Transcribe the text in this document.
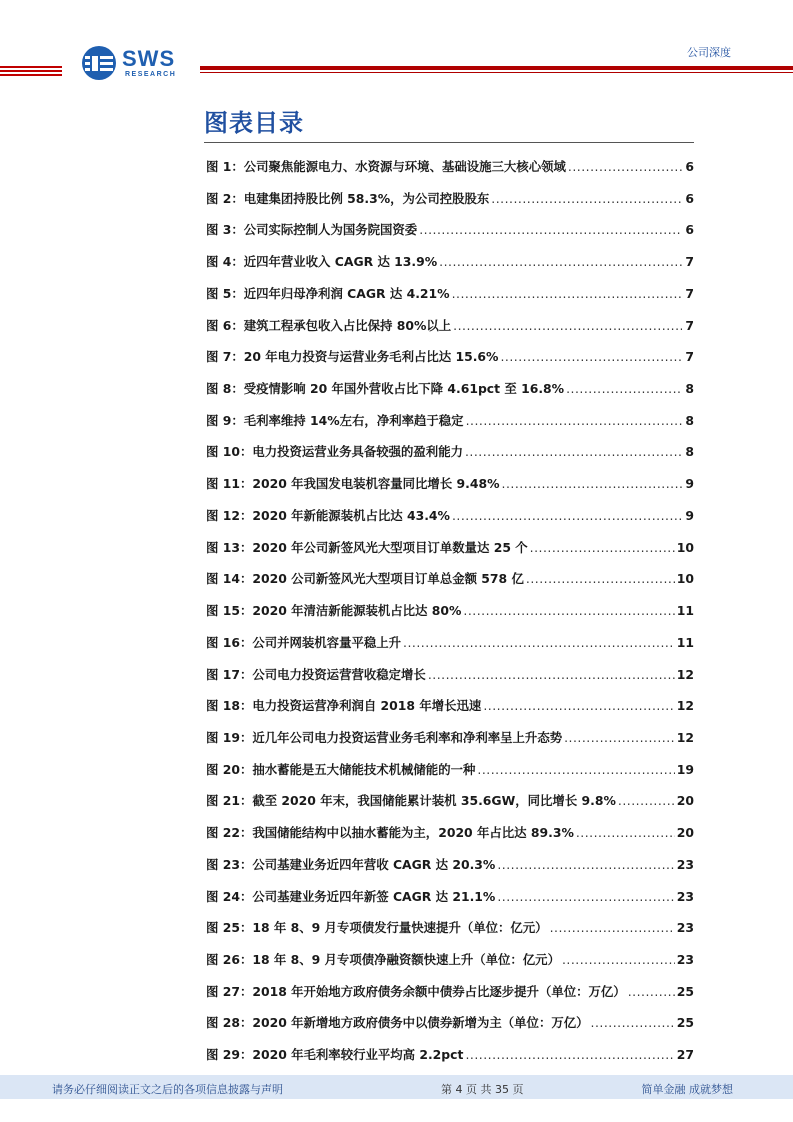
SWS
RESEARCH
公司深度
图表目录
图 1：公司聚焦能源电力、水资源与环境、基础设施三大核心领域 .....	6
图 2：电建集团持股比例 58.3%，为公司控股股东 .....	6
图 3：公司实际控制人为国务院国资委 .....	6
图 4：近四年营业收入 CAGR 达 13.9% .....	7
图 5：近四年归母净利润 CAGR 达 4.21% .....	7
图 6：建筑工程承包收入占比保持 80%以上 .....	7
图 7：20 年电力投资与运营业务毛利占比达 15.6% .....	7
图 8：受疫情影响 20 年国外营收占比下降 4.61pct 至 16.8% .....	8
图 9：毛利率维持 14%左右，净利率趋于稳定 .....	8
图 10：电力投资运营业务具备较强的盈利能力 .....	8
图 11：2020 年我国发电装机容量同比增长 9.48% .....	9
图 12：2020 年新能源装机占比达 43.4% .....	9
图 13：2020 年公司新签风光大型项目订单数量达 25 个 .....	10
图 14：2020 公司新签风光大型项目订单总金额 578 亿 .....	10
图 15：2020 年清洁新能源装机占比达 80% .....	11
图 16：公司并网装机容量平稳上升 .....	11
图 17：公司电力投资运营营收稳定增长 .....	12
图 18：电力投资运营净利润自 2018 年增长迅速 .....	12
图 19：近几年公司电力投资运营业务毛利率和净利率呈上升态势 .....	12
图 20：抽水蓄能是五大储能技术机械储能的一种 .....	19
图 21：截至 2020 年末，我国储能累计装机 35.6GW，同比增长 9.8% .....	20
图 22：我国储能结构中以抽水蓄能为主，2020 年占比达 89.3% .....	20
图 23：公司基建业务近四年营收 CAGR 达 20.3% .....	23
图 24：公司基建业务近四年新签 CAGR 达 21.1% .....	23
图 25：18 年 8、9 月专项债发行量快速提升（单位：亿元） .....	23
图 26：18 年 8、9 月专项债净融资额快速上升（单位：亿元） .....	23
图 27：2018 年开始地方政府债务余额中债券占比逐步提升（单位：万亿） .....	25
图 28：2020 年新增地方政府债务中以债券新增为主（单位：万亿） .....	25
图 29：2020 年毛利率较行业平均高 2.2pct .....	27
请务必仔细阅读正文之后的各项信息披露与声明	第 4 页 共 35 页	简单金融 成就梦想
